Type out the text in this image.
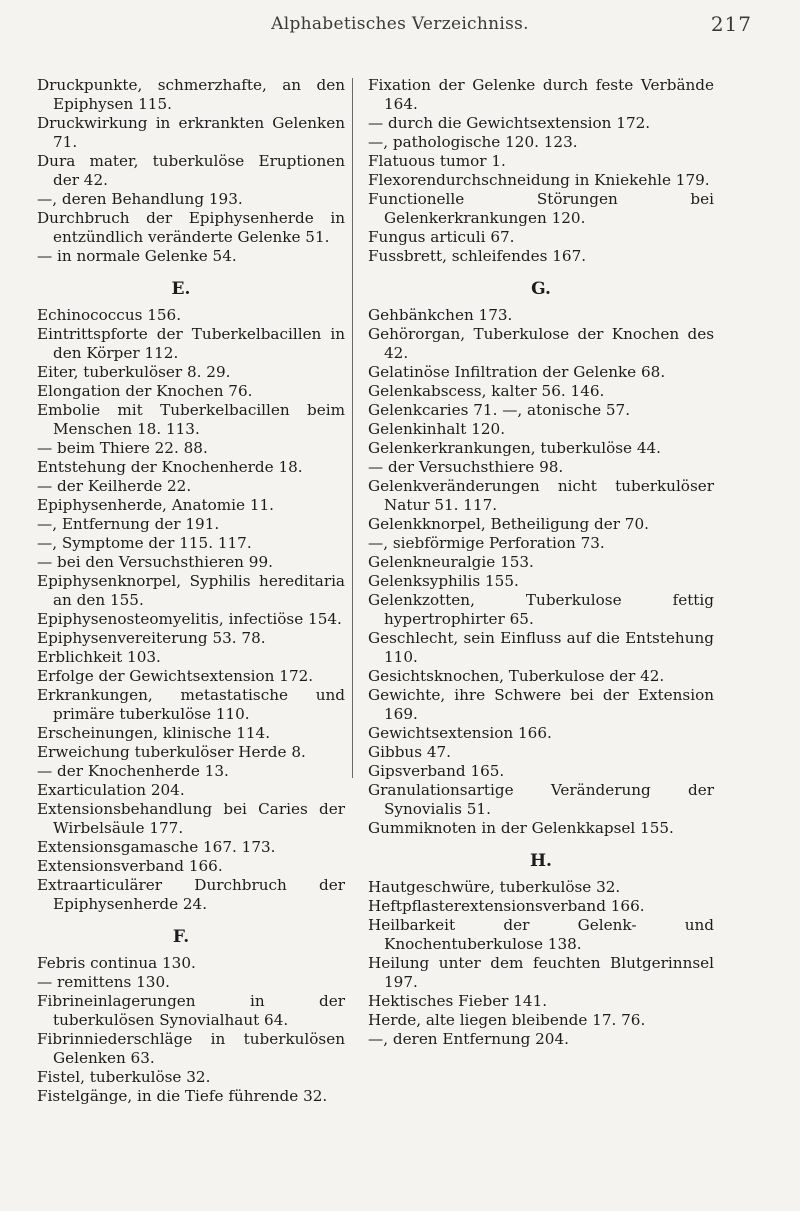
Alphabetisches Verzeichniss.	217

Druckpunkte, schmerzhafte, an den Epiphysen 115.

Druckwirkung in erkrankten Gelenken 71.

Dura mater, tuberkulöse Eruptionen der 42.

—, deren Behandlung 193.

Durchbruch der Epiphysenherde in entzündlich veränderte Gelenke 51.

— in normale Gelenke 54.

E.

Echinococcus 156.

Eintrittspforte der Tuberkelbacillen in den Körper 112.

Eiter, tuberkulöser 8. 29.

Elongation der Knochen 76.

Embolie mit Tuberkelbacillen beim Menschen 18. 113.

— beim Thiere 22. 88.

Entstehung der Knochenherde 18.

— der Keilherde 22.

Epiphysenherde, Anatomie 11.

—, Entfernung der 191.

—, Symptome der 115. 117.

— bei den Versuchsthieren 99.

Epiphysenknorpel, Syphilis hereditaria an den 155.

Epiphysenosteomyelitis, infectiöse 154.

Epiphysenvereiterung 53. 78.

Erblichkeit 103.

Erfolge der Gewichtsextension 172.

Erkrankungen, metastatische und primäre tuberkulöse 110.

Erscheinungen, klinische 114.

Erweichung tuberkulöser Herde 8.

— der Knochenherde 13.

Exarticulation 204.

Extensionsbehandlung bei Caries der Wirbelsäule 177.

Extensionsgamasche 167. 173.

Extensionsverband 166.

Extraarticulärer Durchbruch der Epiphysenherde 24.

F.

Febris continua 130.

— remittens 130.

Fibrineinlagerungen in der tuberkulösen Synovialhaut 64.

Fibrinniederschläge in tuberkulösen Gelenken 63.

Fistel, tuberkulöse 32.

Fistelgänge, in die Tiefe führende 32.

Fixation der Gelenke durch feste Verbände 164.

— durch die Gewichtsextension 172.

—, pathologische 120. 123.

Flatuous tumor 1.

Flexorendurchschneidung in Kniekehle 179.

Functionelle Störungen bei Gelenkerkrankungen 120.

Fungus articuli 67.

Fussbrett, schleifendes 167.

G.

Gehbänkchen 173.

Gehörorgan, Tuberkulose der Knochen des 42.

Gelatinöse Infiltration der Gelenke 68.

Gelenkabscess, kalter 56. 146.

Gelenkcaries 71. —, atonische 57.

Gelenkinhalt 120.

Gelenkerkrankungen, tuberkulöse 44.

— der Versuchsthiere 98.

Gelenkveränderungen nicht tuberkulöser Natur 51. 117.

Gelenkknorpel, Betheiligung der 70.

—, siebförmige Perforation 73.

Gelenkneuralgie 153.

Gelenksyphilis 155.

Gelenkzotten, Tuberkulose fettig hypertrophirter 65.

Geschlecht, sein Einfluss auf die Entstehung 110.

Gesichtsknochen, Tuberkulose der 42.

Gewichte, ihre Schwere bei der Extension 169.

Gewichtsextension 166.

Gibbus 47.

Gipsverband 165.

Granulationsartige Veränderung der Synovialis 51.

Gummiknoten in der Gelenkkapsel 155.

H.

Hautgeschwüre, tuberkulöse 32.

Heftpflasterextensionsverband 166.

Heilbarkeit der Gelenk- und Knochentuberkulose 138.

Heilung unter dem feuchten Blutgerinnsel 197.

Hektisches Fieber 141.

Herde, alte liegen bleibende 17. 76.

—, deren Entfernung 204.
